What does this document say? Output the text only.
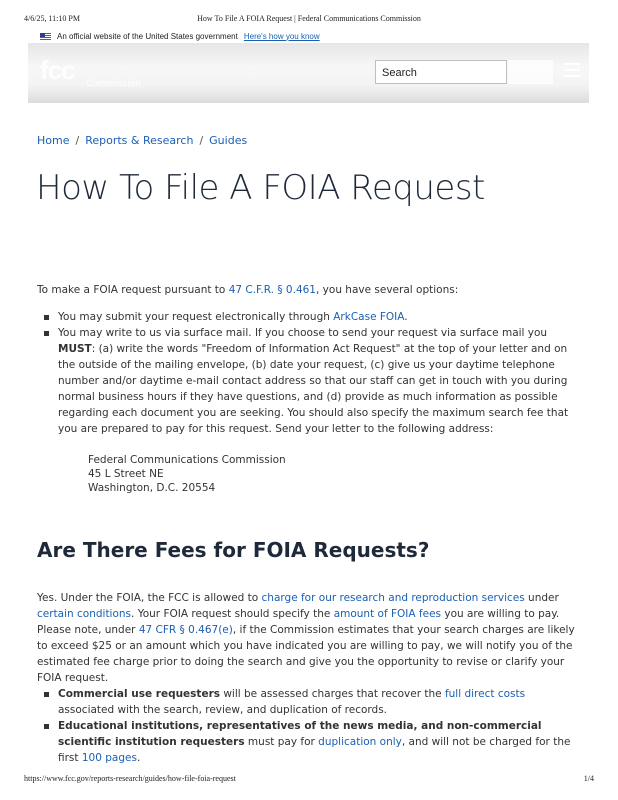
4/6/25, 11:10 PM	How To File A FOIA Request | Federal Communications Commission
An official website of the United States government Here's how you know
fcc Commission
Search
Home / Reports & Research / Guides
How To File A FOIA Request
To make a FOIA request pursuant to 47 C.F.R. § 0.461, you have several options:
You may submit your request electronically through ArkCase FOIA.
You may write to us via surface mail. If you choose to send your request via surface mail you MUST: (a) write the words "Freedom of Information Act Request" at the top of your letter and on the outside of the mailing envelope, (b) date your request, (c) give us your daytime telephone number and/or daytime e-mail contact address so that our staff can get in touch with you during normal business hours if they have questions, and (d) provide as much information as possible regarding each document you are seeking. You should also specify the maximum search fee that you are prepared to pay for this request. Send your letter to the following address:
Federal Communications Commission
45 L Street NE
Washington, D.C. 20554
Are There Fees for FOIA Requests?
Yes. Under the FOIA, the FCC is allowed to charge for our research and reproduction services under certain conditions. Your FOIA request should specify the amount of FOIA fees you are willing to pay. Please note, under 47 CFR § 0.467(e), if the Commission estimates that your search charges are likely to exceed $25 or an amount which you have indicated you are willing to pay, we will notify you of the estimated fee charge prior to doing the search and give you the opportunity to revise or clarify your FOIA request.
Commercial use requesters will be assessed charges that recover the full direct costs associated with the search, review, and duplication of records.
Educational institutions, representatives of the news media, and non-commercial scientific institution requesters must pay for duplication only, and will not be charged for the first 100 pages.
https://www.fcc.gov/reports-research/guides/how-file-foia-request	1/4
